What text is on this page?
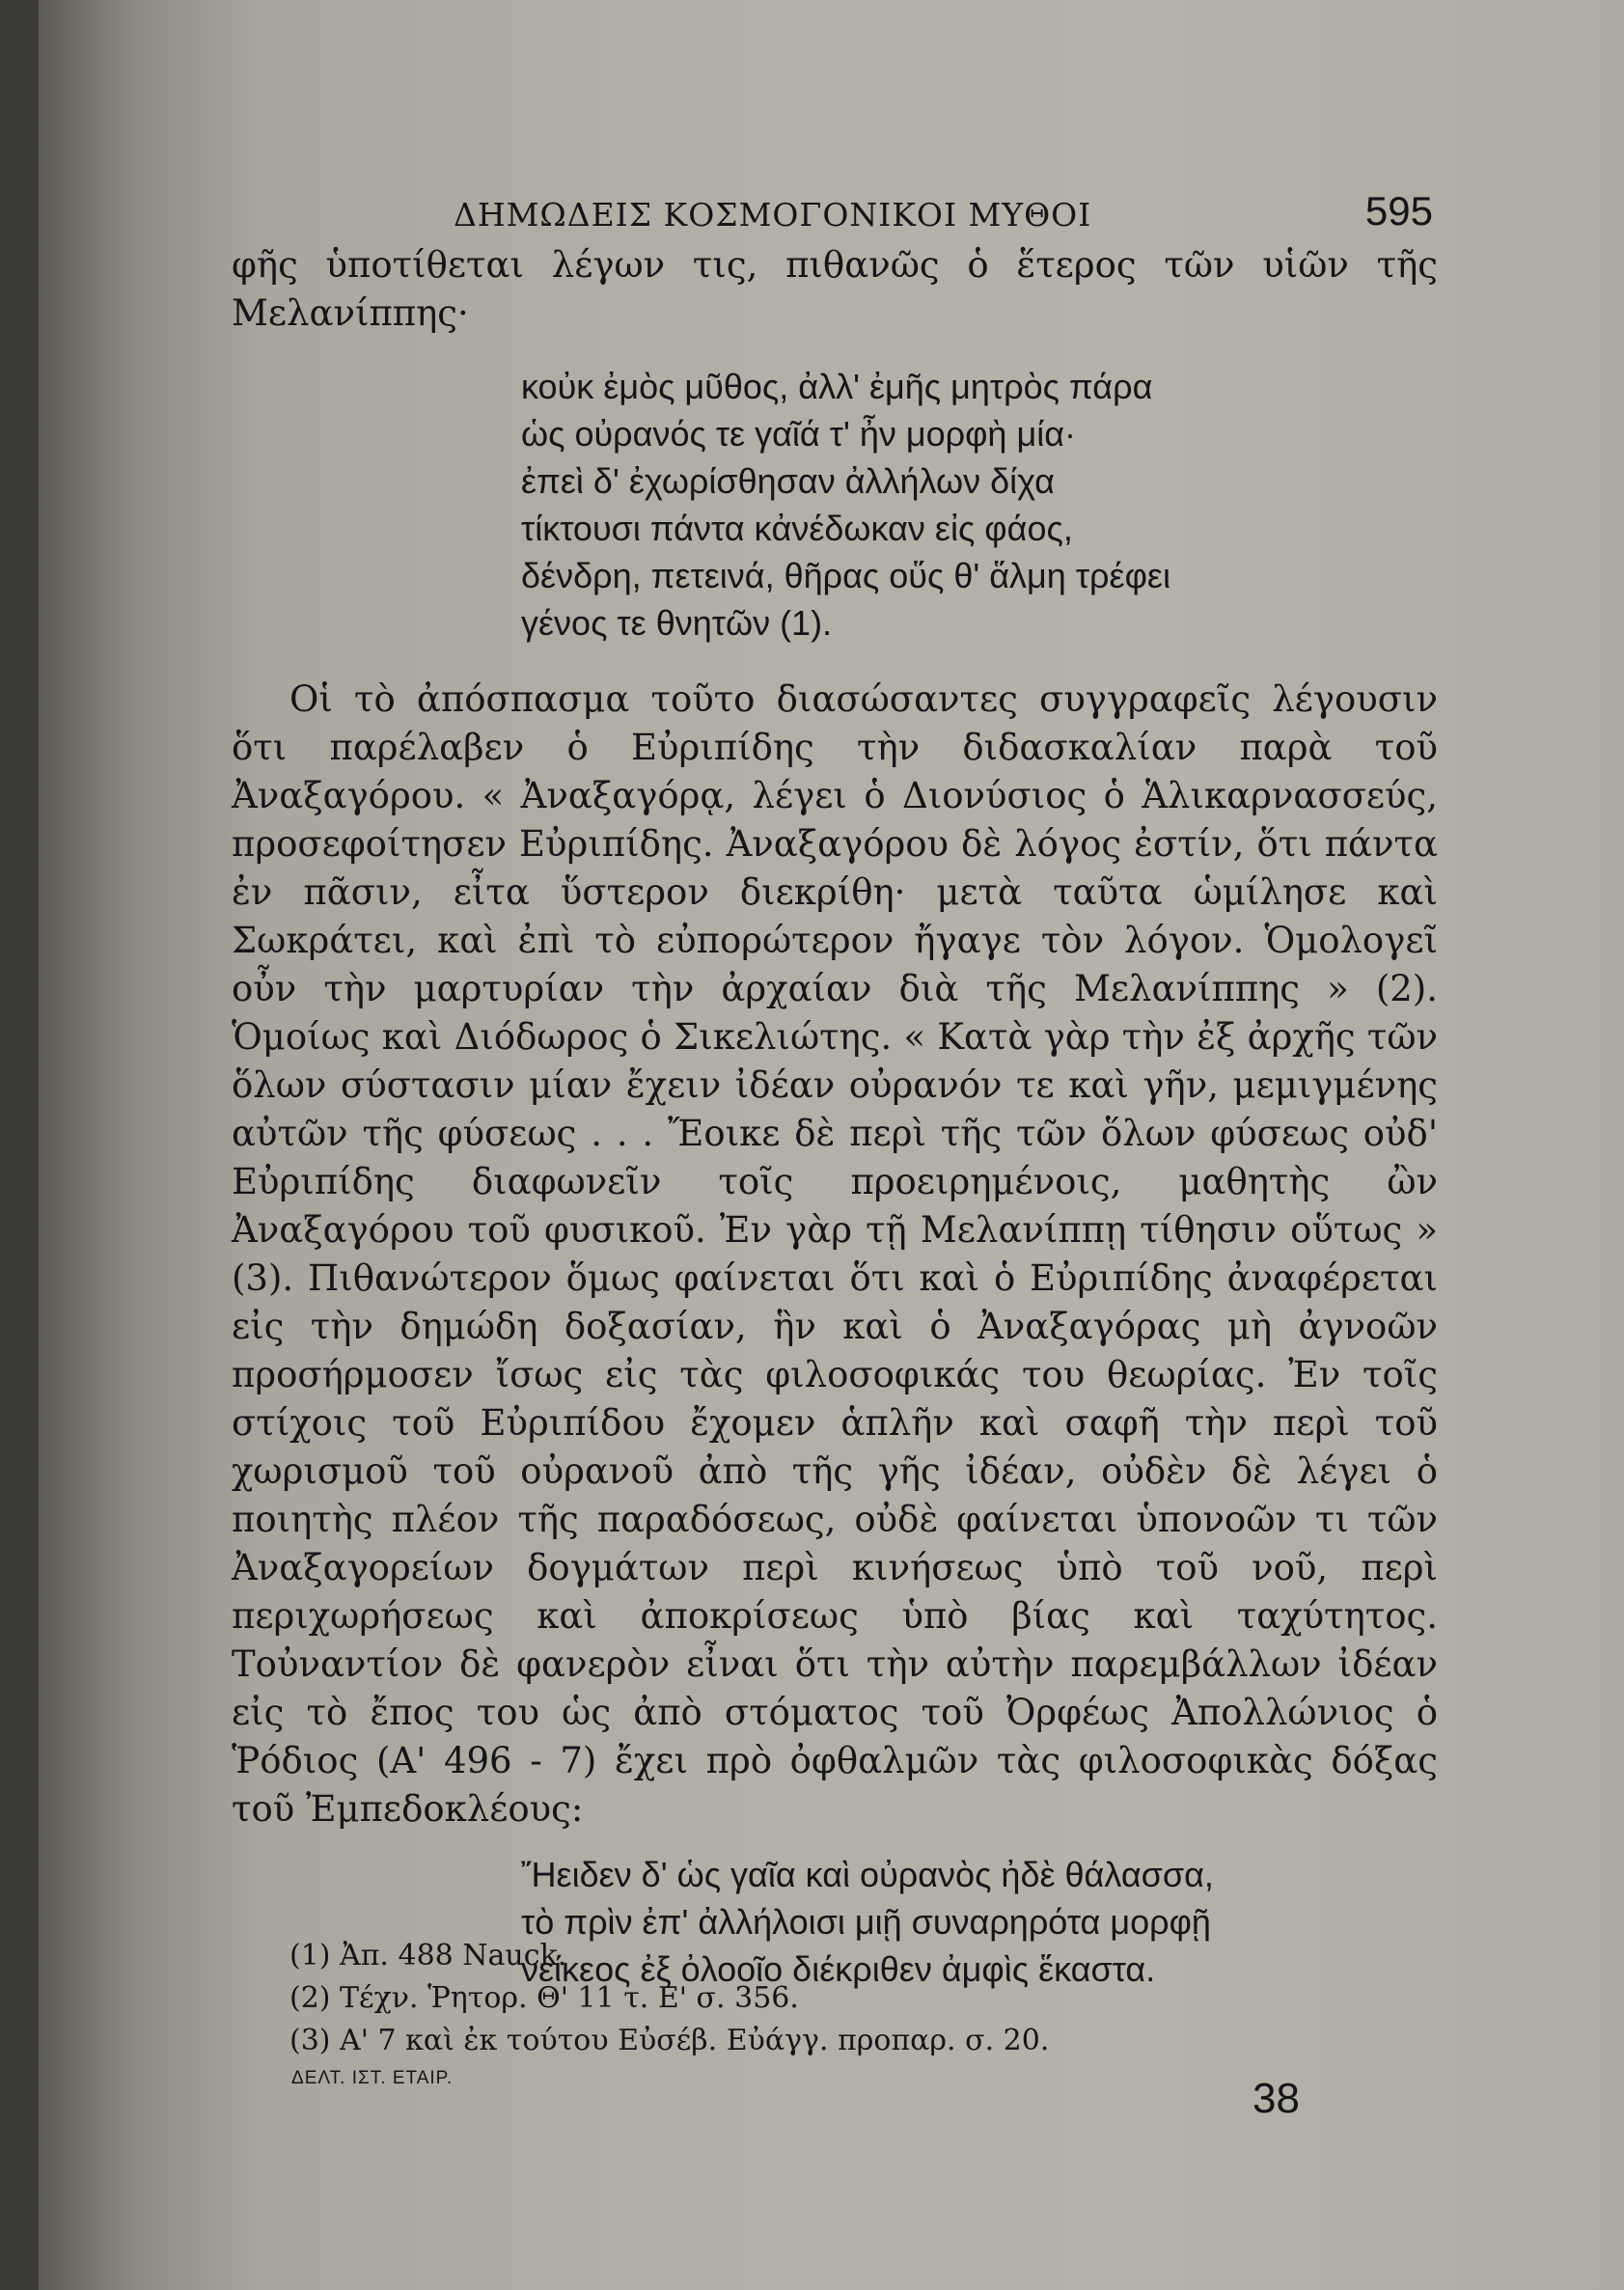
ΔΗΜΩΔΕΙΣ ΚΟΣΜΟΓΟΝΙΚΟΙ ΜΥΘΟΙ	595

φῆς ὑποτίθεται λέγων τις, πιθανῶς ὁ ἕτερος τῶν υἱῶν τῆς Μελανίππης·

κοὐκ ἐμὸς μῦθος, ἀλλ' ἐμῆς μητρὸς πάρα
ὡς οὐρανός τε γαῖά τ' ἦν μορφὴ μία·
ἐπεὶ δ' ἐχωρίσθησαν ἀλλήλων δίχα
τίκτουσι πάντα κἀνέδωκαν εἰς φάος,
δένδρη, πετεινά, θῆρας οὕς θ' ἅλμη τρέφει
γένος τε θνητῶν (1).

Οἱ τὸ ἀπόσπασμα τοῦτο διασώσαντες συγγραφεῖς λέγουσιν ὅτι παρέλαβεν ὁ Εὐριπίδης τὴν διδασκαλίαν παρὰ τοῦ Ἀναξαγόρου. « Ἀναξαγόρᾳ, λέγει ὁ Διονύσιος ὁ Ἁλικαρνασσεύς, προσεφοίτησεν Εὐριπίδης. Ἀναξαγόρου δὲ λόγος ἐστίν, ὅτι πάντα ἐν πᾶσιν, εἶτα ὕστερον διεκρίθη· μετὰ ταῦτα ὡμίλησε καὶ Σωκράτει, καὶ ἐπὶ τὸ εὐπορώτερον ἤγαγε τὸν λόγον. Ὁμολογεῖ οὖν τὴν μαρτυρίαν τὴν ἀρχαίαν διὰ τῆς Μελανίππης » (2). Ὁμοίως καὶ Διόδωρος ὁ Σικελιώτης. « Κατὰ γὰρ τὴν ἐξ ἀρχῆς τῶν ὅλων σύστασιν μίαν ἔχειν ἰδέαν οὐρανόν τε καὶ γῆν, μεμιγμένης αὐτῶν τῆς φύσεως . . . Ἔοικε δὲ περὶ τῆς τῶν ὅλων φύσεως οὐδ' Εὐριπίδης διαφωνεῖν τοῖς προειρημένοις, μαθητὴς ὢν Ἀναξαγόρου τοῦ φυσικοῦ. Ἐν γὰρ τῇ Μελανίππῃ τίθησιν οὕτως » (3). Πιθανώτερον ὅμως φαίνεται ὅτι καὶ ὁ Εὐριπίδης ἀναφέρεται εἰς τὴν δημώδη δοξασίαν, ἣν καὶ ὁ Ἀναξαγόρας μὴ ἀγνοῶν προσήρμοσεν ἴσως εἰς τὰς φιλοσοφικάς του θεωρίας. Ἐν τοῖς στίχοις τοῦ Εὐριπίδου ἔχομεν ἁπλῆν καὶ σαφῆ τὴν περὶ τοῦ χωρισμοῦ τοῦ οὐρανοῦ ἀπὸ τῆς γῆς ἰδέαν, οὐδὲν δὲ λέγει ὁ ποιητὴς πλέον τῆς παραδόσεως, οὐδὲ φαίνεται ὑπονοῶν τι τῶν Ἀναξαγορείων δογμάτων περὶ κινήσεως ὑπὸ τοῦ νοῦ, περὶ περιχωρήσεως καὶ ἀποκρίσεως ὑπὸ βίας καὶ ταχύτητος. Τοὐναντίον δὲ φανερὸν εἶναι ὅτι τὴν αὐτὴν παρεμβάλλων ἰδέαν εἰς τὸ ἔπος του ὡς ἀπὸ στόματος τοῦ Ὀρφέως Ἀπολλώνιος ὁ Ῥόδιος (Α' 496 - 7) ἔχει πρὸ ὀφθαλμῶν τὰς φιλοσοφικὰς δόξας τοῦ Ἐμπεδοκλέους:

Ἤειδεν δ' ὡς γαῖα καὶ οὐρανὸς ἠδὲ θάλασσα,
τὸ πρὶν ἐπ' ἀλλήλοισι μιῇ συναρηρότα μορφῇ
νείκεος ἐξ ὀλοοῖο διέκριθεν ἀμφὶς ἕκαστα.
(1) Ἀπ. 488 Nauck.
(2) Τέχν. Ῥητορ. Θ' 11 τ. Ε' σ. 356.
(3) Α' 7 καὶ ἐκ τούτου Εὐσέβ. Εὐάγγ. προπαρ. σ. 20.
ΔΕΛΤ. ΙΣΤ. ΕΤΑΙΡ.	38
